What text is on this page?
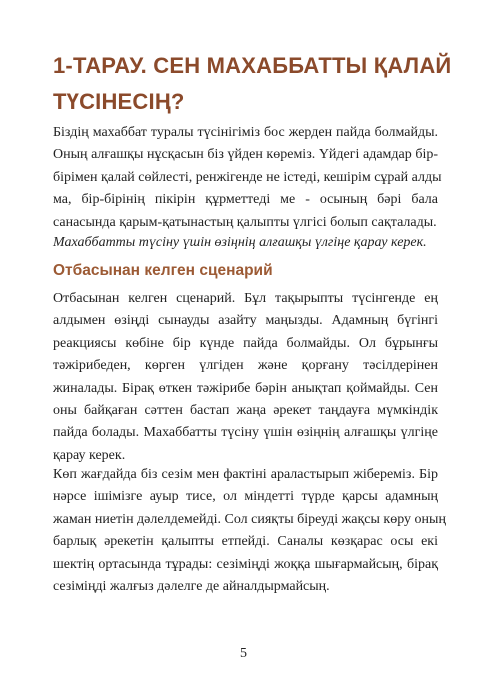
1-ТАРАУ. СЕН МАХАББАТТЫ ҚАЛАЙ
ТҮСІНЕСІҢ?

Біздің махаббат туралы түсінігіміз бос жерден пайда болмайды.
Оның алғашқы нұсқасын біз үйден көреміз. Үйдегі адамдар бір-
бірімен қалай сөйлесті, ренжігенде не істеді, кешірім сұрай алды
ма, бір-бірінің пікірін құрметтеді ме - осының бәрі бала
санасында қарым-қатынастың қалыпты үлгісі болып сақталады.

Махаббатты түсіну үшін өзіңнің алғашқы үлгіңе қарау керек.

Отбасынан келген сценарий

Отбасынан келген сценарий. Бұл тақырыпты түсінгенде ең
алдымен өзіңді сынауды азайту маңызды. Адамның бүгінгі
реакциясы көбіне бір күнде пайда болмайды. Ол бұрынғы
тәжірибеден, көрген үлгіден және қорғану тәсілдерінен
жиналады. Бірақ өткен тәжірибе бәрін анықтап қоймайды. Сен
оны байқаған сәттен бастап жаңа әрекет таңдауға мүмкіндік
пайда болады. Махаббатты түсіну үшін өзіңнің алғашқы үлгіңе
қарау керек.

Көп жағдайда біз сезім мен фактіні араластырып жібереміз. Бір
нәрсе ішімізге ауыр тисе, ол міндетті түрде қарсы адамның
жаман ниетін дәлелдемейді. Сол сияқты біреуді жақсы көру оның
барлық әрекетін қалыпты етпейді. Саналы көзқарас осы екі
шектің ортасында тұрады: сезіміңді жоққа шығармайсың, бірақ
сезіміңді жалғыз дәлелге де айналдырмайсың.

5
